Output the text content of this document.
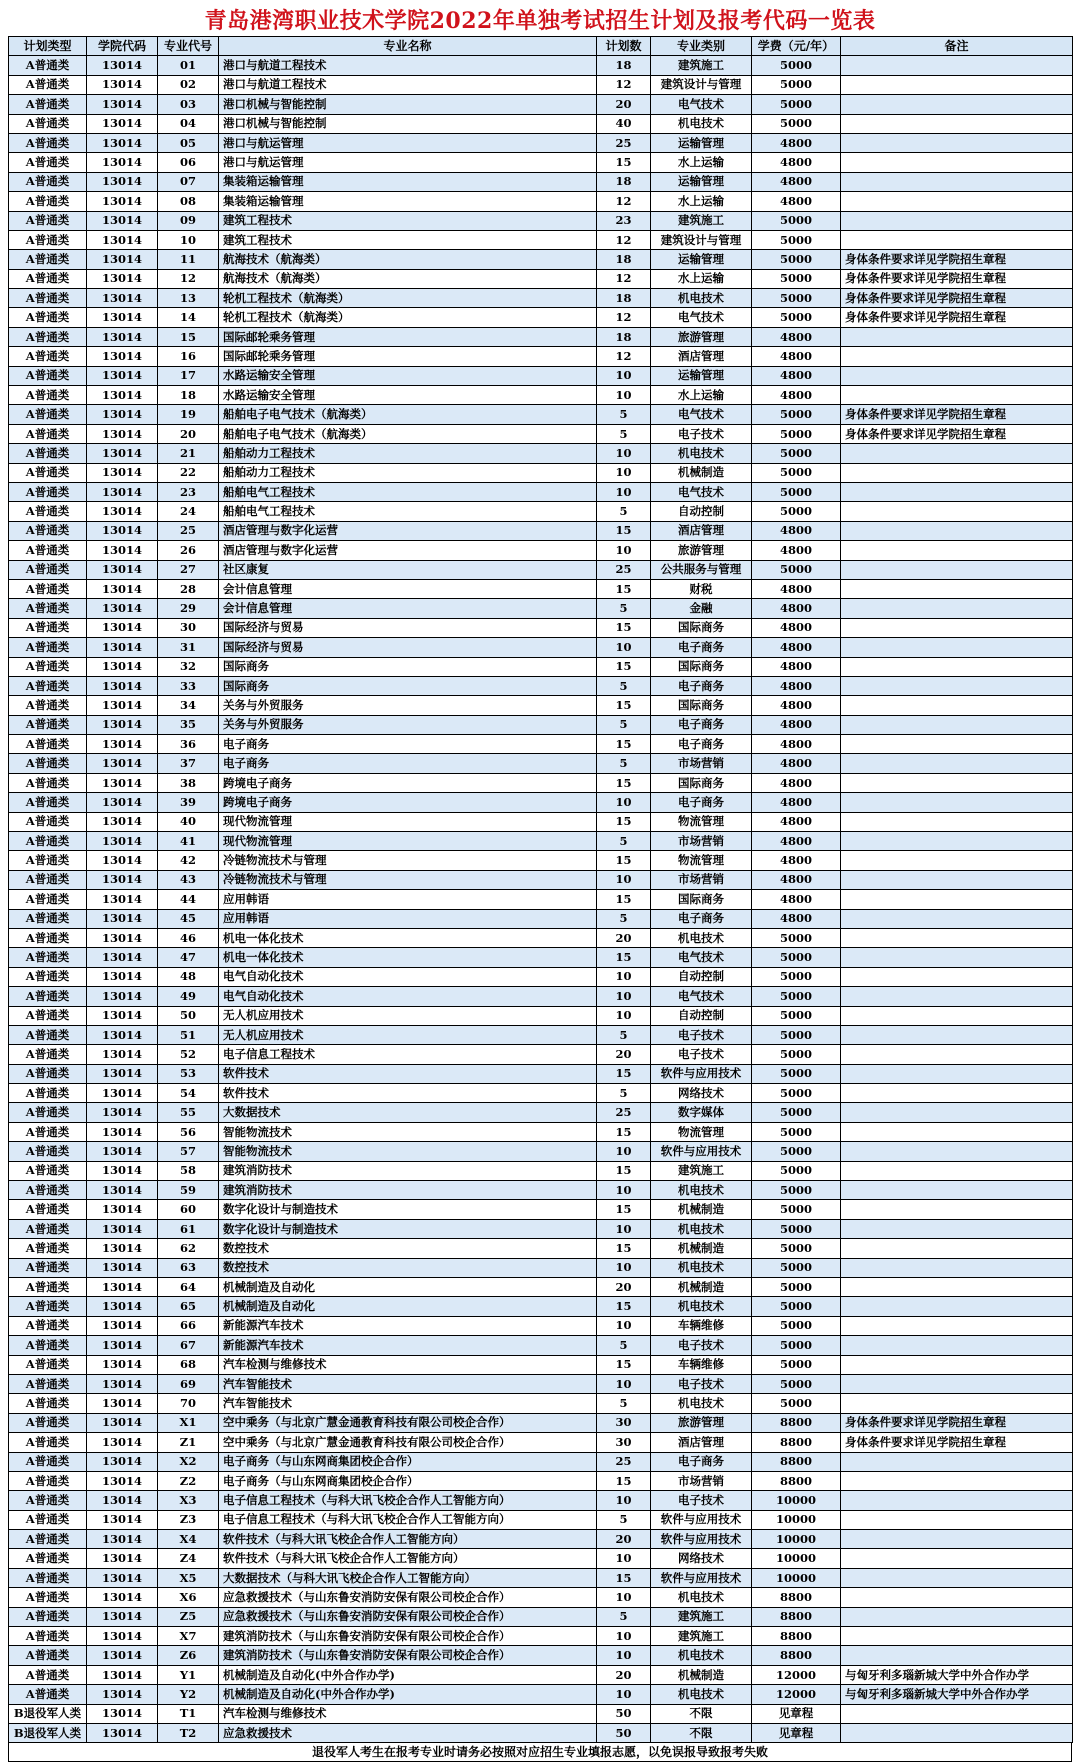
青岛港湾职业技术学院2022年单独考试招生计划及报考代码一览表
计划类型	学院代码	专业代号	专业名称	计划数	专业类别	学费（元/年）	备注
A普通类	13014	01	港口与航道工程技术	18	建筑施工	5000	
A普通类	13014	02	港口与航道工程技术	12	建筑设计与管理	5000	
A普通类	13014	03	港口机械与智能控制	20	电气技术	5000	
A普通类	13014	04	港口机械与智能控制	40	机电技术	5000	
A普通类	13014	05	港口与航运管理	25	运输管理	4800	
A普通类	13014	06	港口与航运管理	15	水上运输	4800	
A普通类	13014	07	集装箱运输管理	18	运输管理	4800	
A普通类	13014	08	集装箱运输管理	12	水上运输	4800	
A普通类	13014	09	建筑工程技术	23	建筑施工	5000	
A普通类	13014	10	建筑工程技术	12	建筑设计与管理	5000	
A普通类	13014	11	航海技术（航海类）	18	运输管理	5000	身体条件要求详见学院招生章程
A普通类	13014	12	航海技术（航海类）	12	水上运输	5000	身体条件要求详见学院招生章程
A普通类	13014	13	轮机工程技术（航海类）	18	机电技术	5000	身体条件要求详见学院招生章程
A普通类	13014	14	轮机工程技术（航海类）	12	电气技术	5000	身体条件要求详见学院招生章程
A普通类	13014	15	国际邮轮乘务管理	18	旅游管理	4800	
A普通类	13014	16	国际邮轮乘务管理	12	酒店管理	4800	
A普通类	13014	17	水路运输安全管理	10	运输管理	4800	
A普通类	13014	18	水路运输安全管理	10	水上运输	4800	
A普通类	13014	19	船舶电子电气技术（航海类）	5	电气技术	5000	身体条件要求详见学院招生章程
A普通类	13014	20	船舶电子电气技术（航海类）	5	电子技术	5000	身体条件要求详见学院招生章程
A普通类	13014	21	船舶动力工程技术	10	机电技术	5000	
A普通类	13014	22	船舶动力工程技术	10	机械制造	5000	
A普通类	13014	23	船舶电气工程技术	10	电气技术	5000	
A普通类	13014	24	船舶电气工程技术	5	自动控制	5000	
A普通类	13014	25	酒店管理与数字化运营	15	酒店管理	4800	
A普通类	13014	26	酒店管理与数字化运营	10	旅游管理	4800	
A普通类	13014	27	社区康复	25	公共服务与管理	5000	
A普通类	13014	28	会计信息管理	15	财税	4800	
A普通类	13014	29	会计信息管理	5	金融	4800	
A普通类	13014	30	国际经济与贸易	15	国际商务	4800	
A普通类	13014	31	国际经济与贸易	10	电子商务	4800	
A普通类	13014	32	国际商务	15	国际商务	4800	
A普通类	13014	33	国际商务	5	电子商务	4800	
A普通类	13014	34	关务与外贸服务	15	国际商务	4800	
A普通类	13014	35	关务与外贸服务	5	电子商务	4800	
A普通类	13014	36	电子商务	15	电子商务	4800	
A普通类	13014	37	电子商务	5	市场营销	4800	
A普通类	13014	38	跨境电子商务	15	国际商务	4800	
A普通类	13014	39	跨境电子商务	10	电子商务	4800	
A普通类	13014	40	现代物流管理	15	物流管理	4800	
A普通类	13014	41	现代物流管理	5	市场营销	4800	
A普通类	13014	42	冷链物流技术与管理	15	物流管理	4800	
A普通类	13014	43	冷链物流技术与管理	10	市场营销	4800	
A普通类	13014	44	应用韩语	15	国际商务	4800	
A普通类	13014	45	应用韩语	5	电子商务	4800	
A普通类	13014	46	机电一体化技术	20	机电技术	5000	
A普通类	13014	47	机电一体化技术	15	电气技术	5000	
A普通类	13014	48	电气自动化技术	10	自动控制	5000	
A普通类	13014	49	电气自动化技术	10	电气技术	5000	
A普通类	13014	50	无人机应用技术	10	自动控制	5000	
A普通类	13014	51	无人机应用技术	5	电子技术	5000	
A普通类	13014	52	电子信息工程技术	20	电子技术	5000	
A普通类	13014	53	软件技术	15	软件与应用技术	5000	
A普通类	13014	54	软件技术	5	网络技术	5000	
A普通类	13014	55	大数据技术	25	数字媒体	5000	
A普通类	13014	56	智能物流技术	15	物流管理	5000	
A普通类	13014	57	智能物流技术	10	软件与应用技术	5000	
A普通类	13014	58	建筑消防技术	15	建筑施工	5000	
A普通类	13014	59	建筑消防技术	10	机电技术	5000	
A普通类	13014	60	数字化设计与制造技术	15	机械制造	5000	
A普通类	13014	61	数字化设计与制造技术	10	机电技术	5000	
A普通类	13014	62	数控技术	15	机械制造	5000	
A普通类	13014	63	数控技术	10	机电技术	5000	
A普通类	13014	64	机械制造及自动化	20	机械制造	5000	
A普通类	13014	65	机械制造及自动化	15	机电技术	5000	
A普通类	13014	66	新能源汽车技术	10	车辆维修	5000	
A普通类	13014	67	新能源汽车技术	5	电子技术	5000	
A普通类	13014	68	汽车检测与维修技术	15	车辆维修	5000	
A普通类	13014	69	汽车智能技术	10	电子技术	5000	
A普通类	13014	70	汽车智能技术	5	机电技术	5000	
A普通类	13014	X1	空中乘务（与北京广慧金通教育科技有限公司校企合作）	30	旅游管理	8800	身体条件要求详见学院招生章程
A普通类	13014	Z1	空中乘务（与北京广慧金通教育科技有限公司校企合作）	30	酒店管理	8800	身体条件要求详见学院招生章程
A普通类	13014	X2	电子商务（与山东网商集团校企合作）	25	电子商务	8800	
A普通类	13014	Z2	电子商务（与山东网商集团校企合作）	15	市场营销	8800	
A普通类	13014	X3	电子信息工程技术（与科大讯飞校企合作人工智能方向）	10	电子技术	10000	
A普通类	13014	Z3	电子信息工程技术（与科大讯飞校企合作人工智能方向）	5	软件与应用技术	10000	
A普通类	13014	X4	软件技术（与科大讯飞校企合作人工智能方向）	20	软件与应用技术	10000	
A普通类	13014	Z4	软件技术（与科大讯飞校企合作人工智能方向）	10	网络技术	10000	
A普通类	13014	X5	大数据技术（与科大讯飞校企合作人工智能方向）	15	软件与应用技术	10000	
A普通类	13014	X6	应急救援技术（与山东鲁安消防安保有限公司校企合作）	10	机电技术	8800	
A普通类	13014	Z5	应急救援技术（与山东鲁安消防安保有限公司校企合作）	5	建筑施工	8800	
A普通类	13014	X7	建筑消防技术（与山东鲁安消防安保有限公司校企合作）	10	建筑施工	8800	
A普通类	13014	Z6	建筑消防技术（与山东鲁安消防安保有限公司校企合作）	10	机电技术	8800	
A普通类	13014	Y1	机械制造及自动化(中外合作办学)	20	机械制造	12000	与匈牙利多瑙新城大学中外合作办学
A普通类	13014	Y2	机械制造及自动化(中外合作办学)	10	机电技术	12000	与匈牙利多瑙新城大学中外合作办学
B退役军人类	13014	T1	汽车检测与维修技术	50	不限	见章程	
B退役军人类	13014	T2	应急救援技术	50	不限	见章程	
退役军人考生在报考专业时请务必按照对应招生专业填报志愿，以免误报导致报考失败
